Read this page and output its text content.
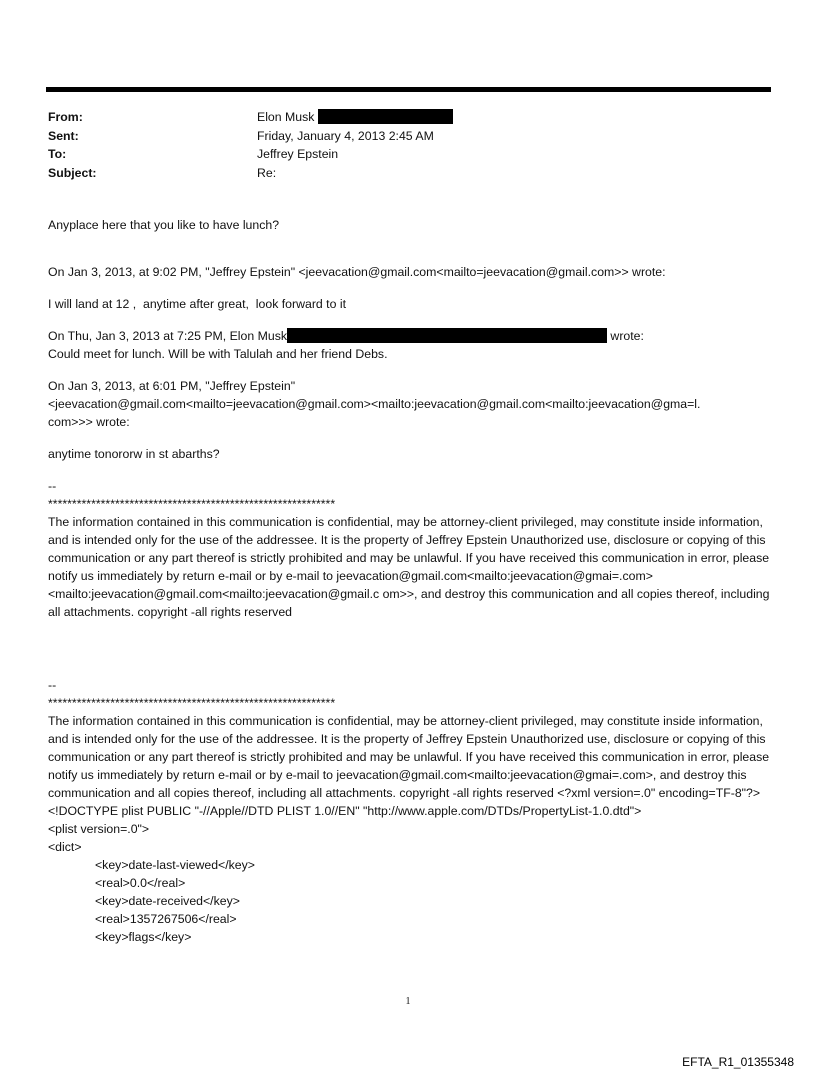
From:	Elon Musk
Sent:	Friday, January 4, 2013 2:45 AM
To:	Jeffrey Epstein
Subject:	Re:

Anyplace here that you like to have lunch?

On Jan 3, 2013, at 9:02 PM, "Jeffrey Epstein" <jeevacation@gmail.com<mailto=jeevacation@gmail.com>> wrote:

I will land at 12 ,  anytime after great,  look forward to it

On Thu, Jan 3, 2013 at 7:25 PM, Elon Musk	wrote:

Could meet for lunch. Will be with Talulah and her friend Debs.

On Jan 3, 2013, at 6:01 PM, "Jeffrey Epstein"

<jeevacation@gmail.com<mailto=jeevacation@gmail.com><mailto:jeevacation@gmail.com<mailto:jeevacation@gma=l.

com>>> wrote:

anytime tonororw in st abarths?

--

************************************************************

The information contained in this communication is confidential, may be attorney-client privileged, may constitute inside information, and is intended only for the use of the addressee. It is the property of Jeffrey Epstein Unauthorized use, disclosure or copying of this communication or any part thereof is strictly prohibited and may be unlawful. If you have received this communication in error, please notify us immediately by return e-mail or by e-mail to jeevacation@gmail.com<mailto:jeevacation@gmai=.com><mailto:jeevacation@gmail.com<mailto:jeevacation@gmail.c om>>, and destroy this communication and all copies thereof, including all attachments. copyright -all rights reserved

--

************************************************************

The information contained in this communication is confidential, may be attorney-client privileged, may constitute inside information, and is intended only for the use of the addressee. It is the property of Jeffrey Epstein Unauthorized use, disclosure or copying of this communication or any part thereof is strictly prohibited and may be unlawful. If you have received this communication in error, please notify us immediately by return e-mail or by e-mail to jeevacation@gmail.com<mailto:jeevacation@gmai=.com>, and destroy this communication and all copies thereof, including all attachments. copyright -all rights reserved <?xml version=.0" encoding=TF-8"?> <!DOCTYPE plist PUBLIC "-//Apple//DTD PLIST 1.0//EN" "http://www.apple.com/DTDs/PropertyList-1.0.dtd">

<plist version=.0">

<dict>

<key>date-last-viewed</key>

<real>0.0</real>

<key>date-received</key>

<real>1357267506</real>

<key>flags</key>

1
EFTA_R1_01355348
